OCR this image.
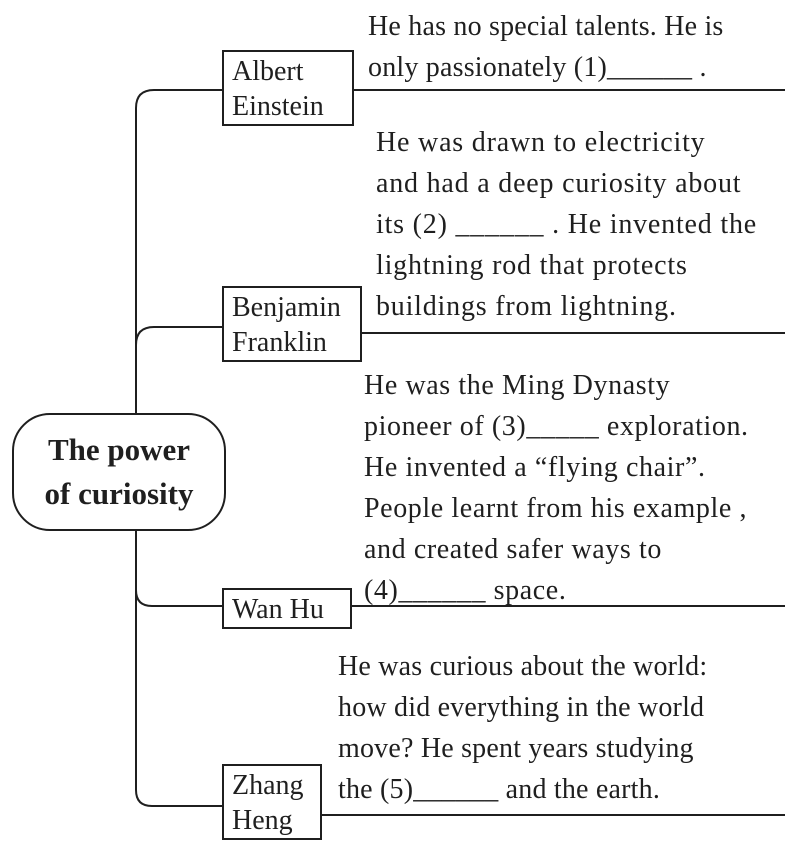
The power
of curiosity
Albert
Einstein
He has no special talents. He is
only passionately (1)______ .
Benjamin
Franklin
He was drawn to electricity
and had a deep curiosity about
its (2) ______ . He invented the
lightning rod that protects
buildings from lightning.
Wan Hu
He was the Ming Dynasty
pioneer of (3)_____ exploration.
He invented a “flying chair”.
People learnt from his example ,
and created safer ways to
(4)______ space.
Zhang
Heng
He was curious about the world:
how did everything in the world
move? He spent years studying
the (5)______ and the earth.
